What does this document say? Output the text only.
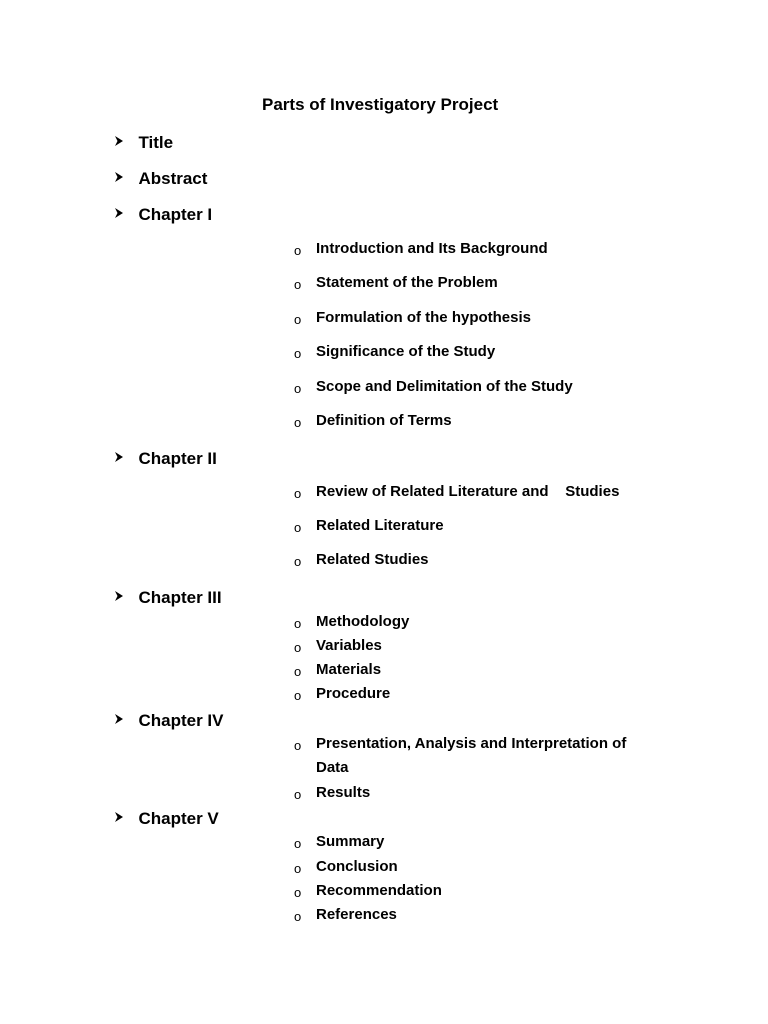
Parts of Investigatory Project
Title
Abstract
Chapter I
o Introduction and Its Background
o Statement of the Problem
o Formulation of the hypothesis
o Significance of the Study
o Scope and Delimitation of the Study
o Definition of Terms
Chapter II
o Review of Related Literature and    Studies
o Related Literature
o Related Studies
Chapter III
o Methodology
o Variables
o Materials
o Procedure
Chapter IV
o Presentation, Analysis and Interpretation of
Data
o Results
Chapter V
o Summary
o Conclusion
o Recommendation
o References
